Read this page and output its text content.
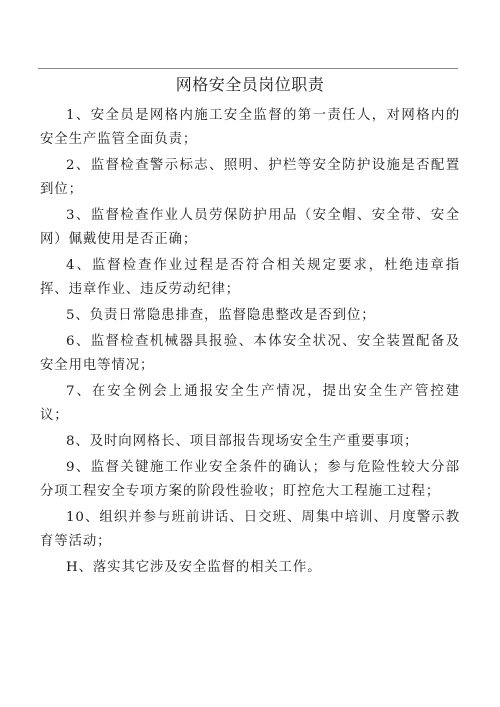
网格安全员岗位职责

1、安全员是网格内施工安全监督的第一责任人，对网格内的安全生产监管全面负责；

2、监督检查警示标志、照明、护栏等安全防护设施是否配置到位；

3、监督检查作业人员劳保防护用品（安全帽、安全带、安全网）佩戴使用是否正确；

4、监督检查作业过程是否符合相关规定要求，杜绝违章指挥、违章作业、违反劳动纪律；

5、负责日常隐患排查，监督隐患整改是否到位；

6、监督检查机械器具报验、本体安全状况、安全装置配备及安全用电等情况；

7、在安全例会上通报安全生产情况，提出安全生产管控建议；

8、及时向网格长、项目部报告现场安全生产重要事项；

9、监督关键施工作业安全条件的确认；参与危险性较大分部分项工程安全专项方案的阶段性验收；盯控危大工程施工过程；

10、组织并参与班前讲话、日交班、周集中培训、月度警示教育等活动；

H、落实其它涉及安全监督的相关工作。
